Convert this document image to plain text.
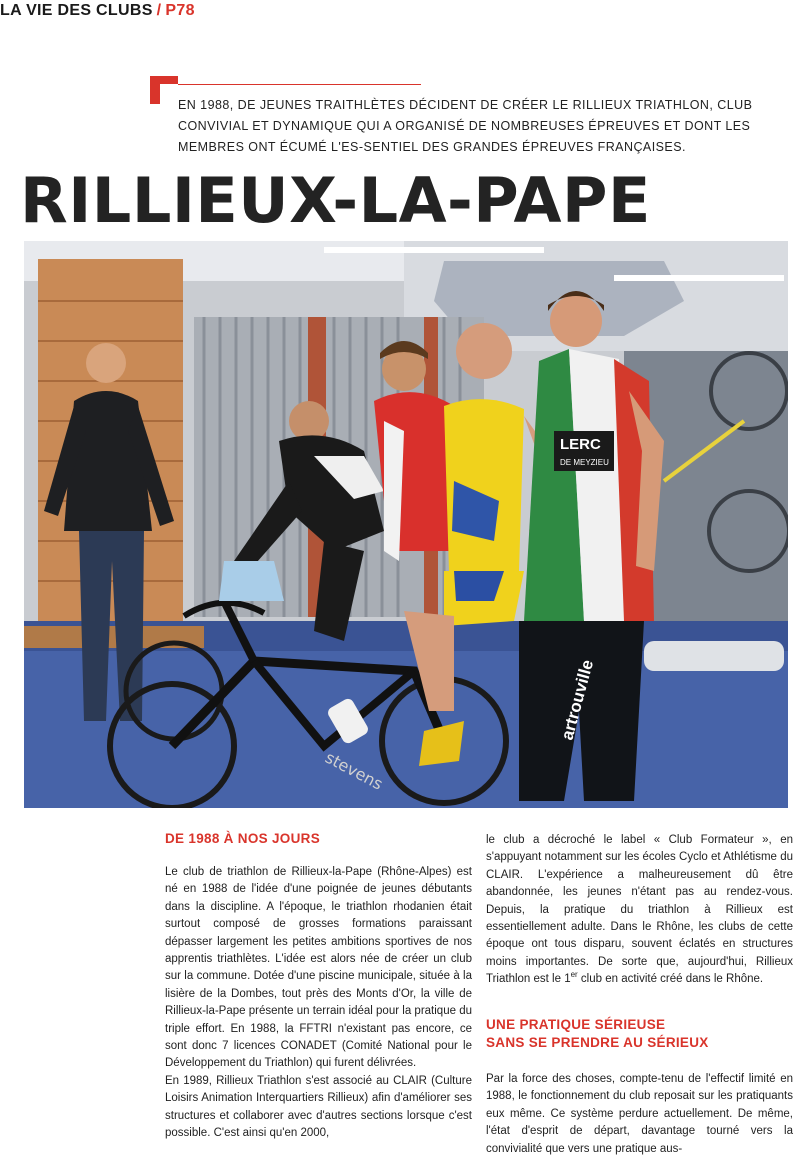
LA VIE DES CLUBS / P78
EN 1988, DE JEUNES TRAITHLÈTES DÉCIDENT DE CRÉER LE RILLIEUX TRIATHLON, CLUB CONVIVIAL ET DYNAMIQUE QUI A ORGANISÉ DE NOMBREUSES ÉPREUVES ET DONT LES MEMBRES ONT ÉCUMÉ L'ES-SENTIEL DES GRANDES ÉPREUVES FRANÇAISES.
RILLIEUX-LA-PAPE
stevens
LERC
DE MEYZIEU
artrouville
DE 1988 À NOS JOURS

Le club de triathlon de Rillieux-la-Pape (Rhône-Alpes) est né en 1988 de l'idée d'une poignée de jeunes débutants dans la discipline. A l'époque, le triathlon rhodanien était surtout composé de grosses formations paraissant dépasser largement les petites ambitions sportives de nos apprentis triathlètes. L'idée est alors née de créer un club sur la commune. Dotée d'une piscine municipale, située à la lisière de la Dombes, tout près des Monts d'Or, la ville de Rillieux-la-Pape présente un terrain idéal pour la pratique du triple effort. En 1988, la FFTRI n'existant pas encore, ce sont donc 7 licences CONADET (Comité National pour le Développement du Triathlon) qui furent délivrées.

En 1989, Rillieux Triathlon s'est associé au CLAIR (Culture Loisirs Animation Interquartiers Rillieux) afin d'améliorer ses structures et collaborer avec d'autres sections lorsque c'est possible. C'est ainsi qu'en 2000,

le club a décroché le label « Club Formateur », en s'appuyant notamment sur les écoles Cyclo et Athlétisme du CLAIR. L'expérience a malheureusement dû être abandonnée, les jeunes n'étant pas au rendez-vous. Depuis, la pratique du triathlon à Rillieux est essentiellement adulte. Dans le Rhône, les clubs de cette époque ont tous disparu, souvent éclatés en structures moins importantes. De sorte que, aujourd'hui, Rillieux Triathlon est le 1er club en activité créé dans le Rhône.

UNE PRATIQUE SÉRIEUSE
SANS SE PRENDRE AU SÉRIEUX

Par la force des choses, compte-tenu de l'effectif limité en 1988, le fonctionnement du club reposait sur les pratiquants eux même. Ce système perdure actuellement. De même, l'état d'esprit de départ, davantage tourné vers la convivialité que vers une pratique aus-
